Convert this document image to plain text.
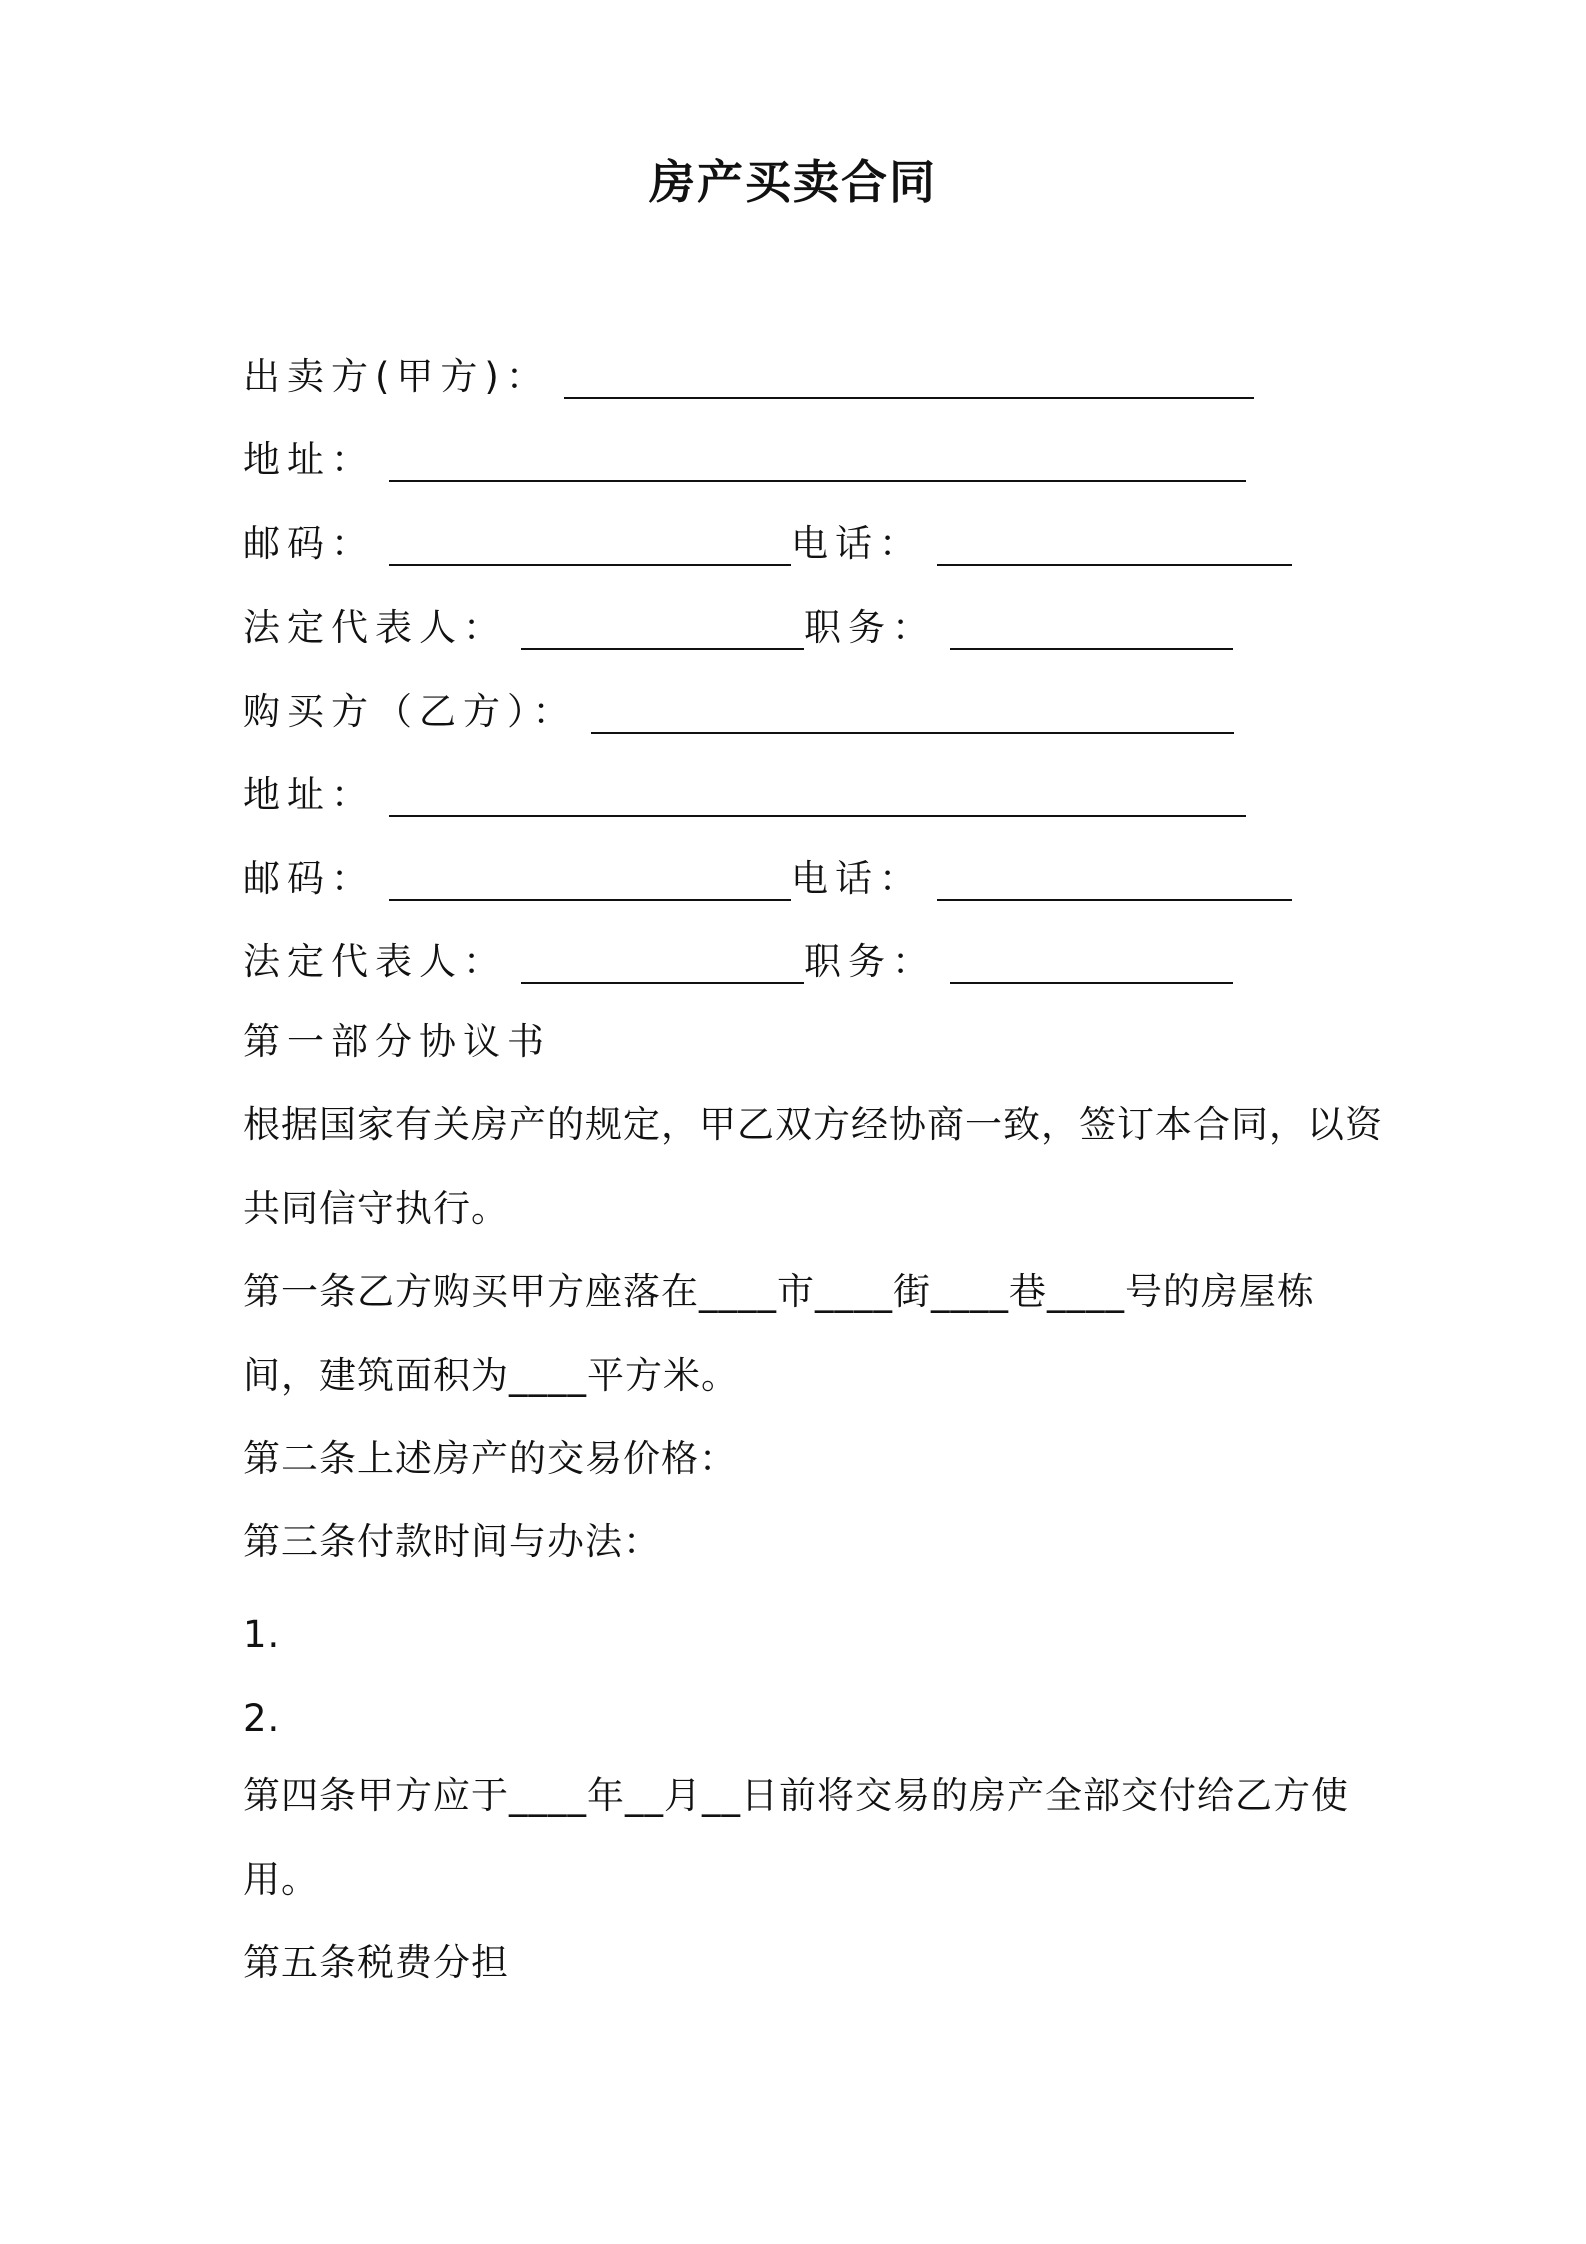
房产买卖合同
出卖方(甲方)：
地址：
邮码：	电话：
法定代表人：	职务：
购买方（乙方）：
地址：
邮码：	电话：
法定代表人：	职务：
第一部分协议书
根据国家有关房产的规定，甲乙双方经协商一致，签订本合同，以资
共同信守执行。
第一条乙方购买甲方座落在____市____街____巷____号的房屋栋
间，建筑面积为____平方米。
第二条上述房产的交易价格：
第三条付款时间与办法：
1.
2.
第四条甲方应于____年__月__日前将交易的房产全部交付给乙方使
用。
第五条税费分担
